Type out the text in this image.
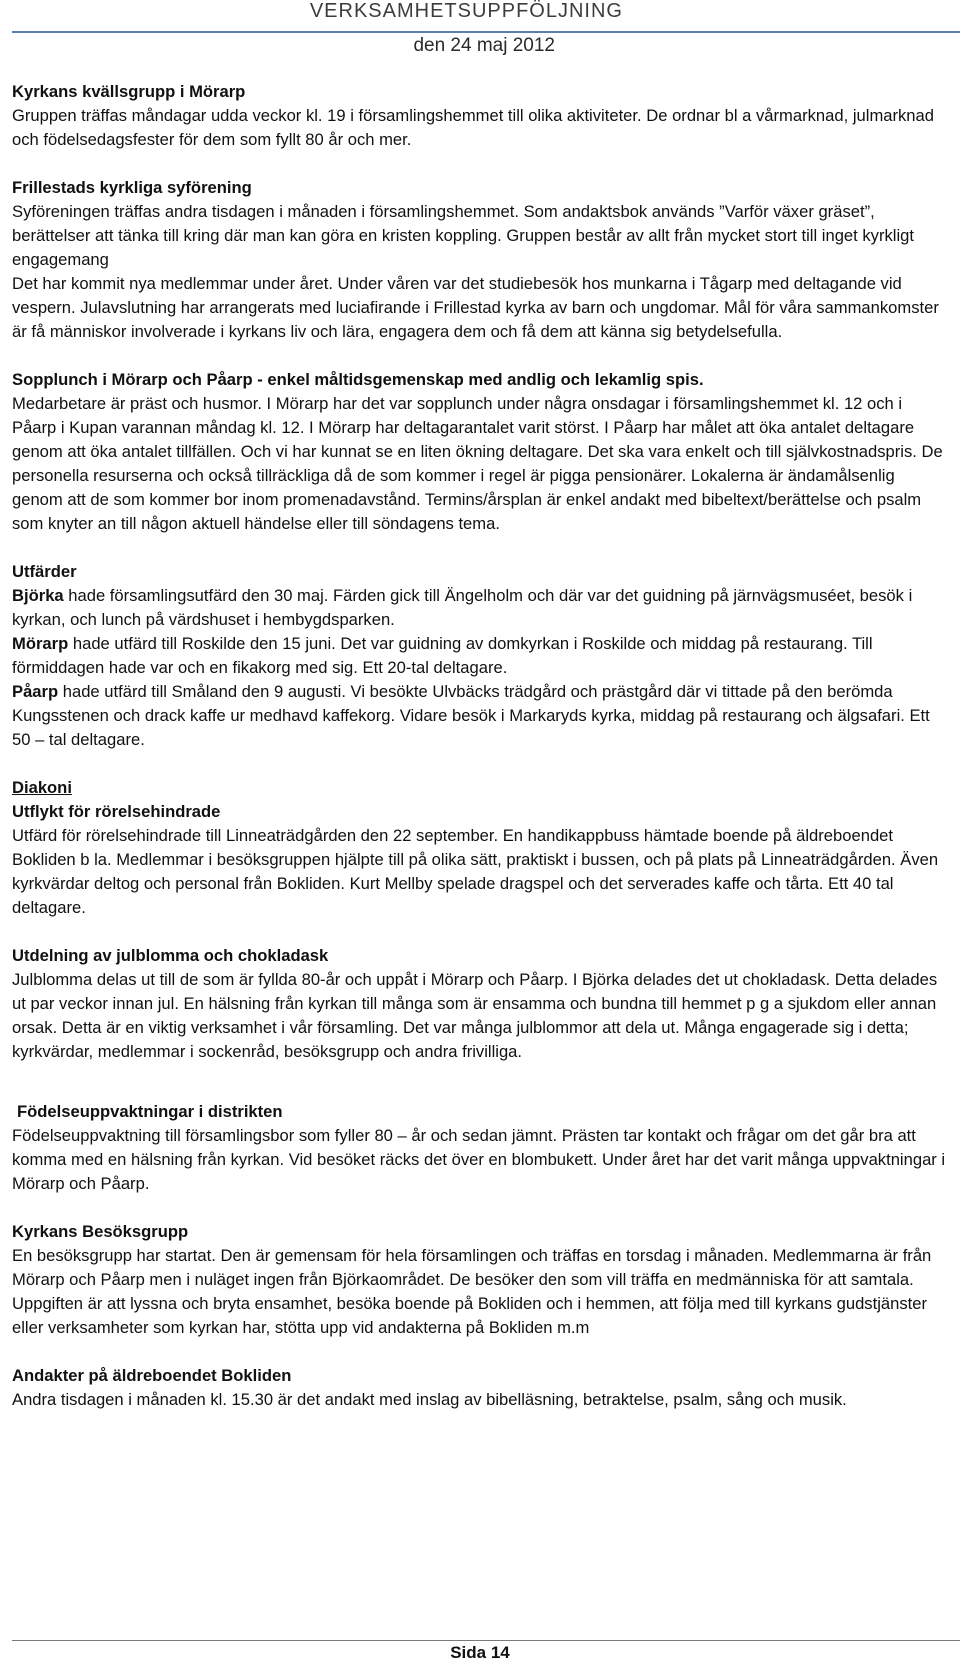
VERKSAMHETSUPPFÖLJNING
den 24 maj 2012

Kyrkans kvällsgrupp i Mörarp

Gruppen träffas måndagar udda veckor kl. 19 i församlingshemmet till olika aktiviteter. De ordnar bl a vårmarknad, julmarknad och födelsedagsfester för dem som fyllt 80 år och mer.

Frillestads kyrkliga syförening

Syföreningen träffas andra tisdagen i månaden i församlingshemmet. Som andaktsbok används ”Varför växer gräset”, berättelser att tänka till kring där man kan göra en kristen koppling. Gruppen består av allt från mycket stort till inget kyrkligt engagemang

Det har kommit nya medlemmar under året. Under våren var det studiebesök hos munkarna i Tågarp med deltagande vid vespern. Julavslutning har arrangerats med luciafirande i Frillestad kyrka av barn och ungdomar. Mål för våra sammankomster är få människor involverade i kyrkans liv och lära, engagera dem och få dem att känna sig betydelsefulla.

Sopplunch i Mörarp och Påarp - enkel måltidsgemenskap med andlig och lekamlig spis.

Medarbetare är präst och husmor. I Mörarp har det var sopplunch under några onsdagar i församlingshemmet kl. 12 och i Påarp i Kupan varannan måndag kl. 12. I Mörarp har deltagarantalet varit störst. I Påarp har målet att öka antalet deltagare genom att öka antalet tillfällen. Och vi har kunnat se en liten ökning deltagare. Det ska vara enkelt och till självkostnadspris. De personella resurserna och också tillräckliga då de som kommer i regel är pigga pensionärer. Lokalerna är ändamålsenlig genom att de som kommer bor inom promenadavstånd. Termins/årsplan är enkel andakt med bibeltext/berättelse och psalm som knyter an till någon aktuell händelse eller till söndagens tema.

Utfärder

Björka hade församlingsutfärd den 30 maj. Färden gick till Ängelholm och där var det guidning på järnvägsmuséet, besök i kyrkan, och lunch på värdshuset i hembygdsparken.

Mörarp hade utfärd till Roskilde den 15 juni. Det var guidning av domkyrkan i Roskilde och middag på restaurang. Till förmiddagen hade var och en fikakorg med sig. Ett 20-tal deltagare.

Påarp hade utfärd till Småland den 9 augusti. Vi besökte Ulvbäcks trädgård och prästgård där vi tittade på den berömda Kungsstenen och drack kaffe ur medhavd kaffekorg. Vidare besök i Markaryds kyrka, middag på restaurang och älgsafari. Ett 50 – tal deltagare.

Diakoni

Utflykt för rörelsehindrade

Utfärd för rörelsehindrade till Linneaträdgården den 22 september. En handikappbuss hämtade boende på äldreboendet Bokliden b la. Medlemmar i besöksgruppen hjälpte till på olika sätt, praktiskt i bussen, och på plats på Linneaträdgården. Även kyrkvärdar deltog och personal från Bokliden. Kurt Mellby spelade dragspel och det serverades kaffe och tårta. Ett 40 tal deltagare.

Utdelning av julblomma och chokladask

Julblomma delas ut till de som är fyllda 80-år och uppåt i Mörarp och Påarp. I Björka delades det ut chokladask. Detta delades ut par veckor innan jul. En hälsning från kyrkan till många som är ensamma och bundna till hemmet p g a sjukdom eller annan orsak. Detta är en viktig verksamhet i vår församling. Det var många julblommor att dela ut. Många engagerade sig i detta; kyrkvärdar, medlemmar i sockenråd, besöksgrupp och andra frivilliga.

Födelseuppvaktningar i distrikten

Födelseuppvaktning till församlingsbor som fyller 80 – år och sedan jämnt. Prästen tar kontakt och frågar om det går bra att komma med en hälsning från kyrkan. Vid besöket räcks det över en blombukett. Under året har det varit många uppvaktningar i Mörarp och Påarp.

Kyrkans Besöksgrupp

En besöksgrupp har startat. Den är gemensam för hela församlingen och träffas en torsdag i månaden. Medlemmarna är från Mörarp och Påarp men i nuläget ingen från Björkaområdet. De besöker den som vill träffa en medmänniska för att samtala. Uppgiften är att lyssna och bryta ensamhet, besöka boende på Bokliden och i hemmen, att följa med till kyrkans gudstjänster eller verksamheter som kyrkan har, stötta upp vid andakterna på Bokliden m.m

Andakter på äldreboendet Bokliden

Andra tisdagen i månaden kl. 15.30 är det andakt med inslag av bibelläsning, betraktelse, psalm, sång och musik.

Sida 14
